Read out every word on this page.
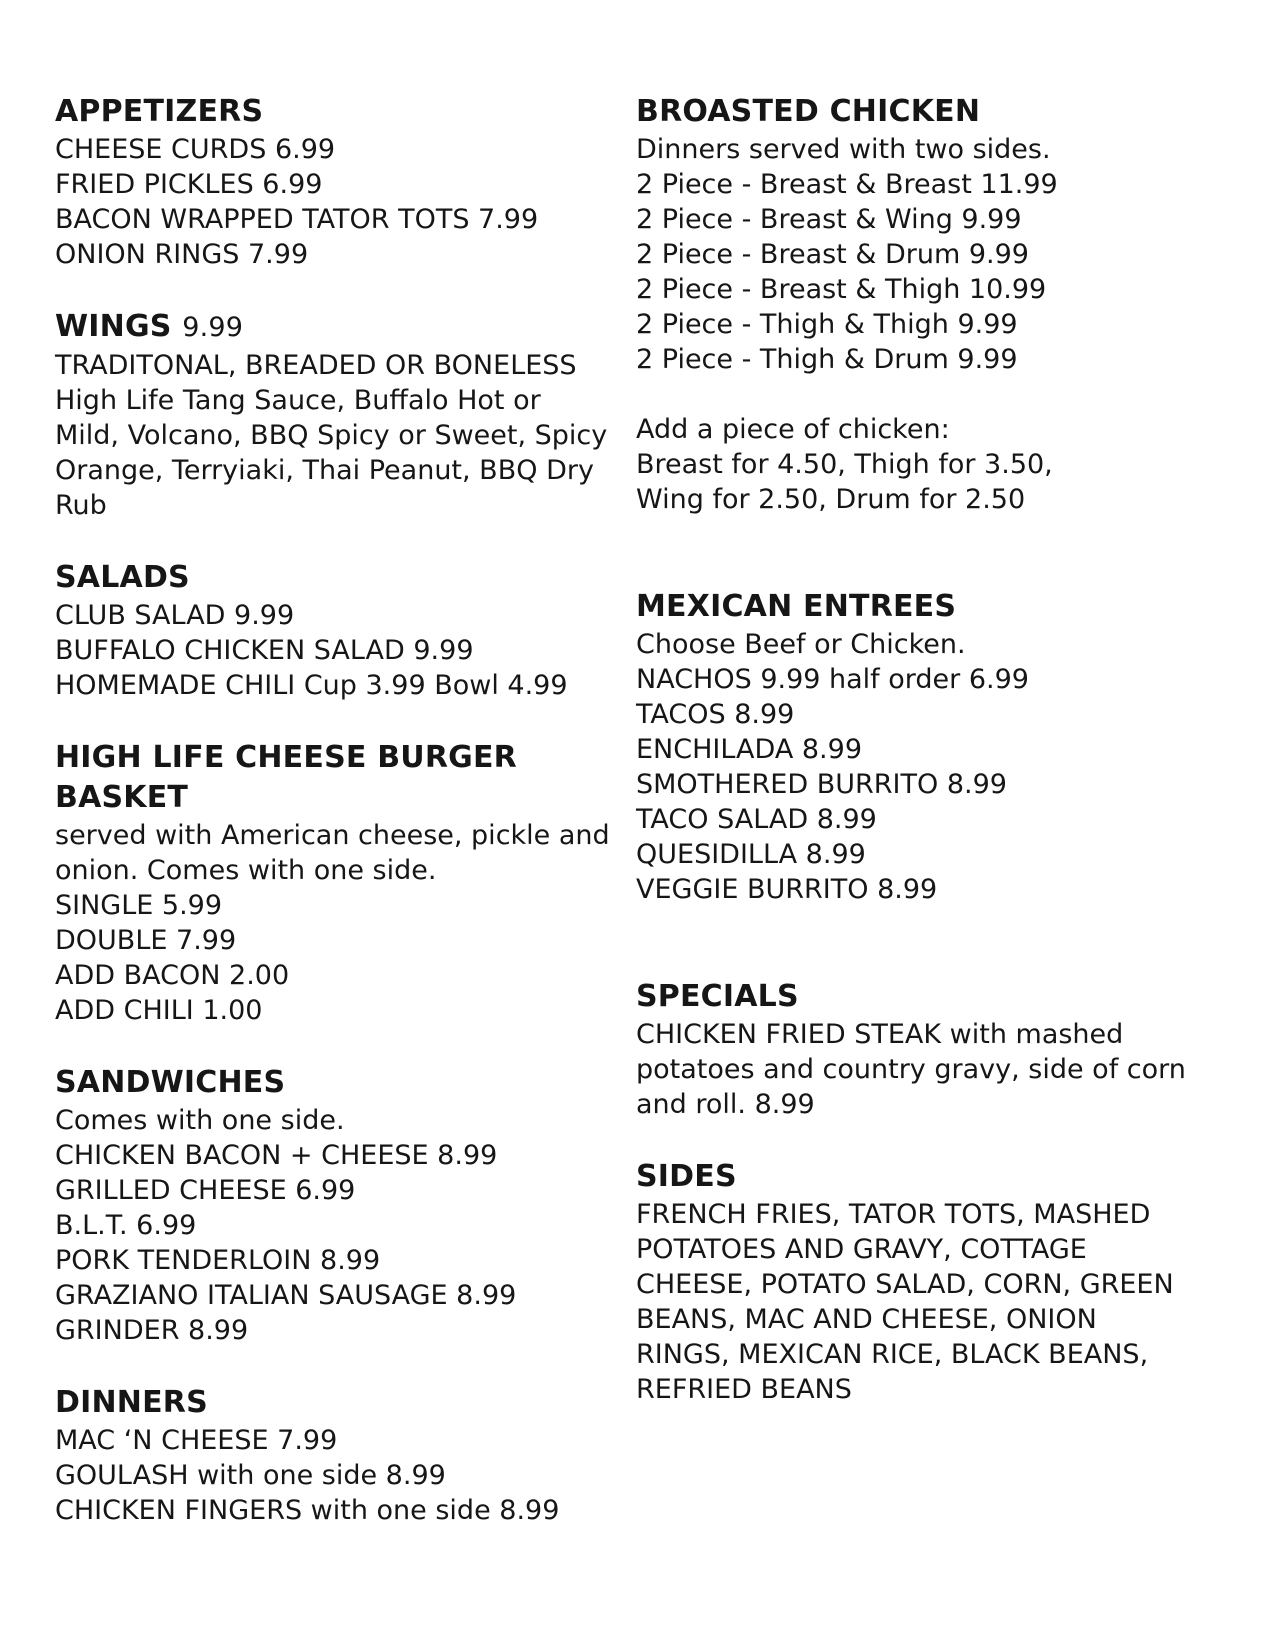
APPETIZERS
CHEESE CURDS 6.99
FRIED PICKLES 6.99
BACON WRAPPED TATOR TOTS 7.99
ONION RINGS 7.99
WINGS 9.99
TRADITONAL, BREADED OR BONELESS
High Life Tang Sauce, Buffalo Hot or
Mild, Volcano, BBQ Spicy or Sweet, Spicy
Orange, Terryiaki, Thai Peanut, BBQ Dry
Rub
SALADS
CLUB SALAD 9.99
BUFFALO CHICKEN SALAD 9.99
HOMEMADE CHILI Cup 3.99 Bowl 4.99
HIGH LIFE CHEESE BURGER
BASKET
served with American cheese, pickle and
onion. Comes with one side.
SINGLE 5.99
DOUBLE 7.99
ADD BACON 2.00
ADD CHILI 1.00
SANDWICHES
Comes with one side.
CHICKEN BACON + CHEESE 8.99
GRILLED CHEESE 6.99
B.L.T. 6.99
PORK TENDERLOIN 8.99
GRAZIANO ITALIAN SAUSAGE 8.99
GRINDER 8.99
DINNERS
MAC ‘N CHEESE 7.99
GOULASH with one side 8.99
CHICKEN FINGERS with one side 8.99
BROASTED CHICKEN
Dinners served with two sides.
2 Piece - Breast & Breast 11.99
2 Piece - Breast & Wing 9.99
2 Piece - Breast & Drum 9.99
2 Piece - Breast & Thigh 10.99
2 Piece - Thigh & Thigh 9.99
2 Piece - Thigh & Drum 9.99
Add a piece of chicken:
Breast for 4.50, Thigh for 3.50,
Wing for 2.50, Drum for 2.50
MEXICAN ENTREES
Choose Beef or Chicken.
NACHOS 9.99 half order 6.99
TACOS 8.99
ENCHILADA 8.99
SMOTHERED BURRITO 8.99
TACO SALAD 8.99
QUESIDILLA 8.99
VEGGIE BURRITO 8.99
SPECIALS
CHICKEN FRIED STEAK with mashed
potatoes and country gravy, side of corn
and roll. 8.99
SIDES
FRENCH FRIES, TATOR TOTS, MASHED
POTATOES AND GRAVY, COTTAGE
CHEESE, POTATO SALAD, CORN, GREEN
BEANS, MAC AND CHEESE, ONION
RINGS, MEXICAN RICE, BLACK BEANS,
REFRIED BEANS
